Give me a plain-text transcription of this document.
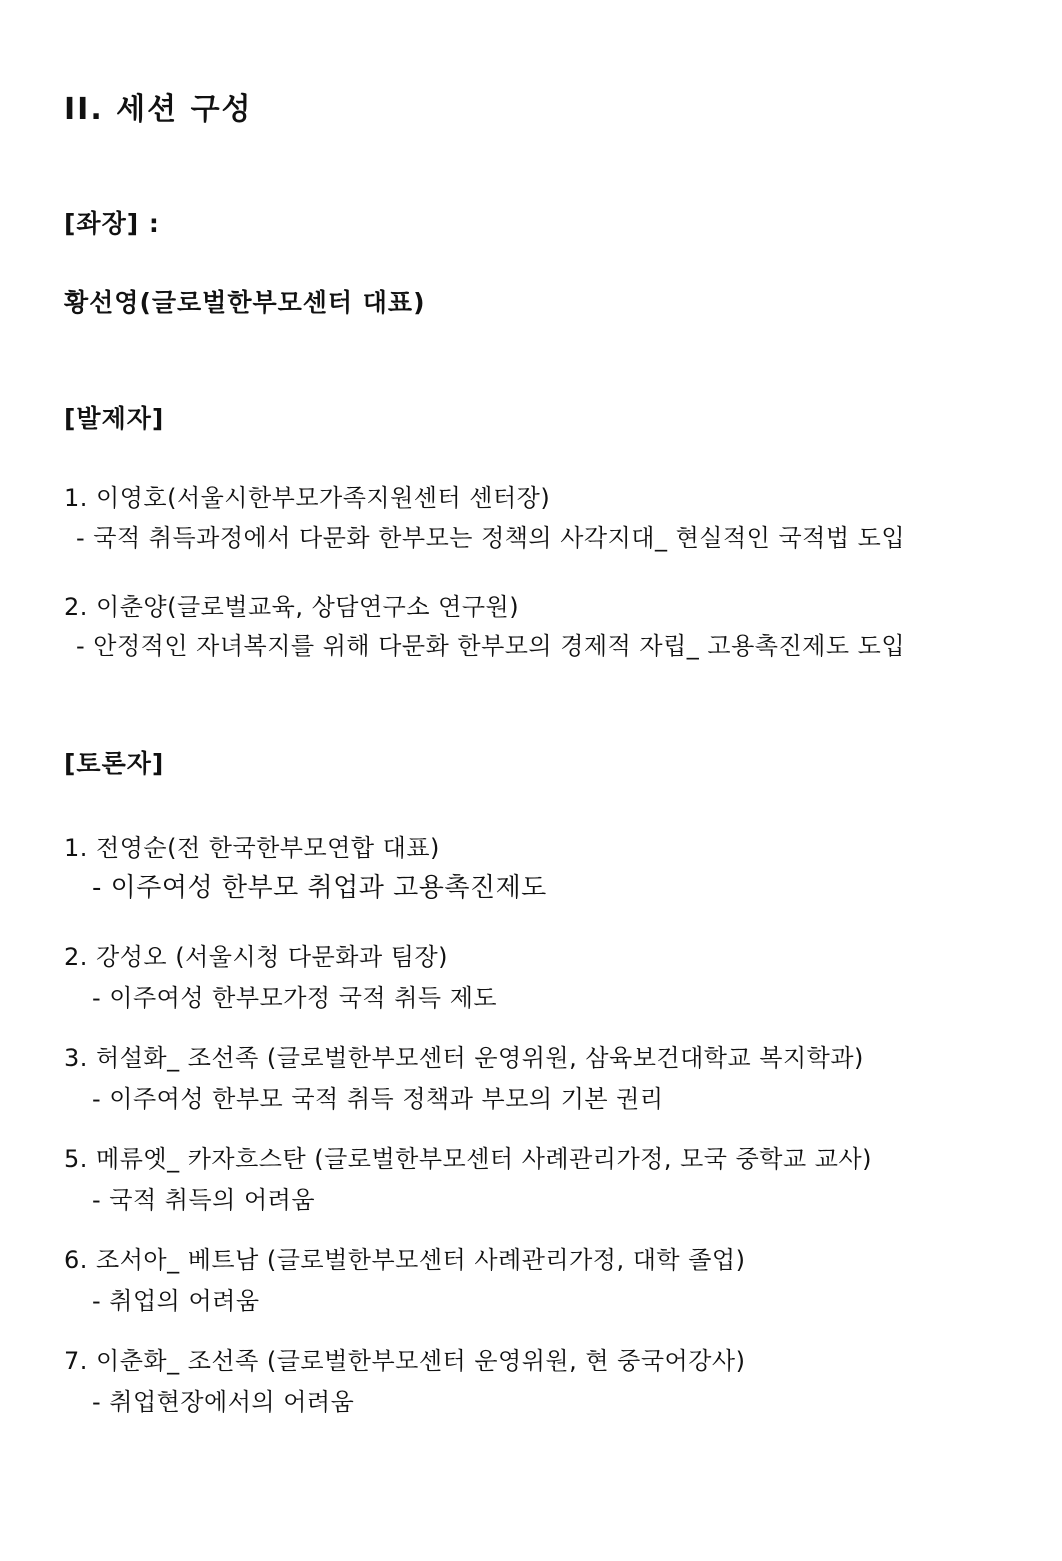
II. 세션 구성
[좌장] :
황선영(글로벌한부모센터 대표)
[발제자]
1. 이영호(서울시한부모가족지원센터 센터장)
- 국적 취득과정에서 다문화 한부모는 정책의 사각지대_ 현실적인 국적법 도입
2. 이춘양(글로벌교육, 상담연구소 연구원)
- 안정적인 자녀복지를 위해 다문화 한부모의 경제적 자립_ 고용촉진제도 도입
[토론자]
1. 전영순(전 한국한부모연합 대표)
- 이주여성 한부모 취업과 고용촉진제도
2. 강성오 (서울시청 다문화과 팀장)
- 이주여성 한부모가정 국적 취득 제도
3. 허설화_ 조선족 (글로벌한부모센터 운영위원, 삼육보건대학교 복지학과)
- 이주여성 한부모 국적 취득 정책과 부모의 기본 권리
5. 메류엣_ 카자흐스탄 (글로벌한부모센터 사례관리가정, 모국 중학교 교사)
- 국적 취득의 어려움
6. 조서아_ 베트남 (글로벌한부모센터 사례관리가정, 대학 졸업)
- 취업의 어려움
7. 이춘화_ 조선족 (글로벌한부모센터 운영위원, 현 중국어강사)
- 취업현장에서의 어려움
